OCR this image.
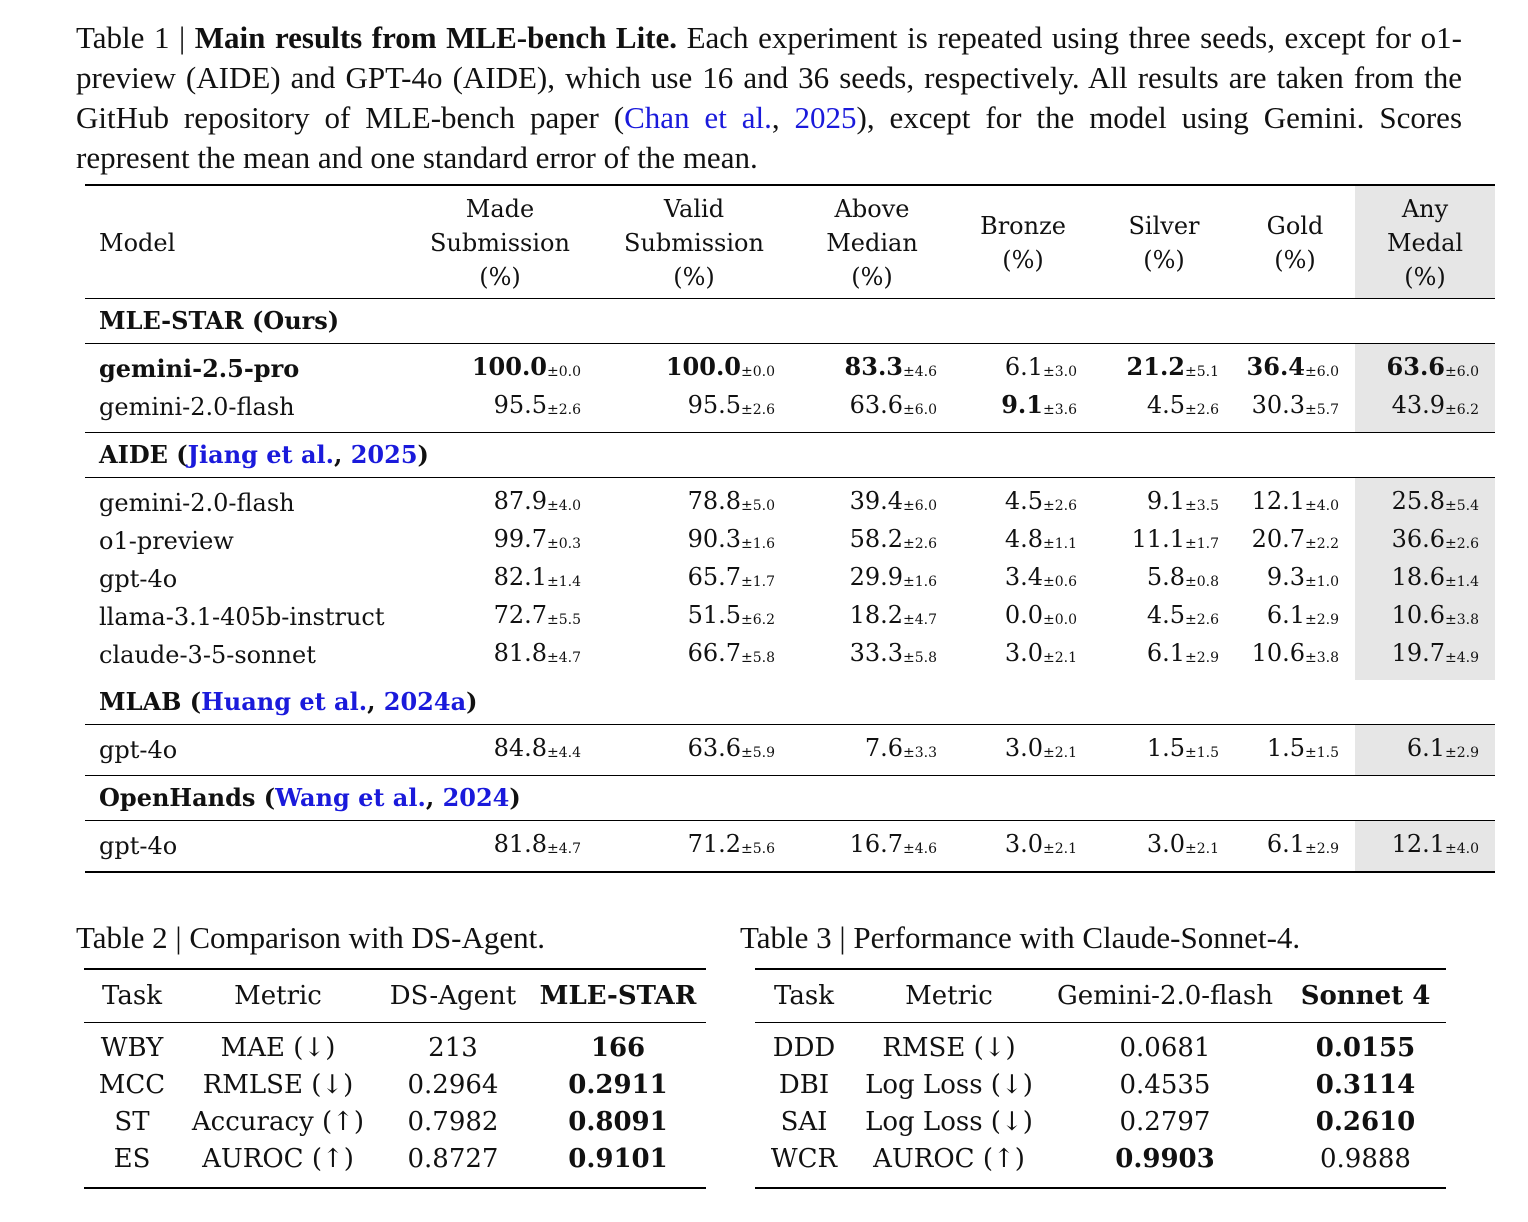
Table 1 | Main results from MLE-bench Lite. Each experiment is repeated using three seeds, except for o1-preview (AIDE) and GPT-4o (AIDE), which use 16 and 36 seeds, respectively. All results are taken from the GitHub repository of MLE-bench paper (Chan et al., 2025), except for the model using Gemini. Scores represent the mean and one standard error of the mean.
Model	Made
Submission
(%)	Valid
Submission
(%)	Above
Median
(%)	Bronze
(%)	Silver
(%)	Gold
(%)	Any
Medal
(%)
MLE-STAR (Ours)							
gemini-2.5-pro	$100.0_{\pm 0.0}$	$100.0_{\pm 0.0}$	$83.3_{\pm 4.6}$	$6.1_{\pm 3.0}$	$21.2_{\pm 5.1}$	$36.4_{\pm 6.0}$	$63.6_{\pm 6.0}$
gemini-2.0-flash	$95.5_{\pm 2.6}$	$95.5_{\pm 2.6}$	$63.6_{\pm 6.0}$	$9.1_{\pm 3.6}$	$4.5_{\pm 2.6}$	$30.3_{\pm 5.7}$	$43.9_{\pm 6.2}$
AIDE (Jiang et al., 2025)							
gemini-2.0-flash	$87.9_{\pm 4.0}$	$78.8_{\pm 5.0}$	$39.4_{\pm 6.0}$	$4.5_{\pm 2.6}$	$9.1_{\pm 3.5}$	$12.1_{\pm 4.0}$	$25.8_{\pm 5.4}$
o1-preview	$99.7_{\pm 0.3}$	$90.3_{\pm 1.6}$	$58.2_{\pm 2.6}$	$4.8_{\pm 1.1}$	$11.1_{\pm 1.7}$	$20.7_{\pm 2.2}$	$36.6_{\pm 2.6}$
gpt-4o	$82.1_{\pm 1.4}$	$65.7_{\pm 1.7}$	$29.9_{\pm 1.6}$	$3.4_{\pm 0.6}$	$5.8_{\pm 0.8}$	$9.3_{\pm 1.0}$	$18.6_{\pm 1.4}$
llama-3.1-405b-instruct	$72.7_{\pm 5.5}$	$51.5_{\pm 6.2}$	$18.2_{\pm 4.7}$	$0.0_{\pm 0.0}$	$4.5_{\pm 2.6}$	$6.1_{\pm 2.9}$	$10.6_{\pm 3.8}$
claude-3-5-sonnet	$81.8_{\pm 4.7}$	$66.7_{\pm 5.8}$	$33.3_{\pm 5.8}$	$3.0_{\pm 2.1}$	$6.1_{\pm 2.9}$	$10.6_{\pm 3.8}$	$19.7_{\pm 4.9}$
MLAB (Huang et al., 2024a)							
gpt-4o	$84.8_{\pm 4.4}$	$63.6_{\pm 5.9}$	$7.6_{\pm 3.3}$	$3.0_{\pm 2.1}$	$1.5_{\pm 1.5}$	$1.5_{\pm 1.5}$	$6.1_{\pm 2.9}$
OpenHands (Wang et al., 2024)							
gpt-4o	$81.8_{\pm 4.7}$	$71.2_{\pm 5.6}$	$16.7_{\pm 4.6}$	$3.0_{\pm 2.1}$	$3.0_{\pm 2.1}$	$6.1_{\pm 2.9}$	$12.1_{\pm 4.0}$
Table 2 | Comparison with DS-Agent.
Task	Metric	DS-Agent	MLE-STAR
WBY	MAE (↓)	213	166
MCC	RMLSE (↓)	0.2964	0.2911
ST	Accuracy (↑)	0.7982	0.8091
ES	AUROC (↑)	0.8727	0.9101
Table 3 | Performance with Claude-Sonnet-4.
Task	Metric	Gemini-2.0-flash	Sonnet 4
DDD	RMSE (↓)	0.0681	0.0155
DBI	Log Loss (↓)	0.4535	0.3114
SAI	Log Loss (↓)	0.2797	0.2610
WCR	AUROC (↑)	0.9903	0.9888
